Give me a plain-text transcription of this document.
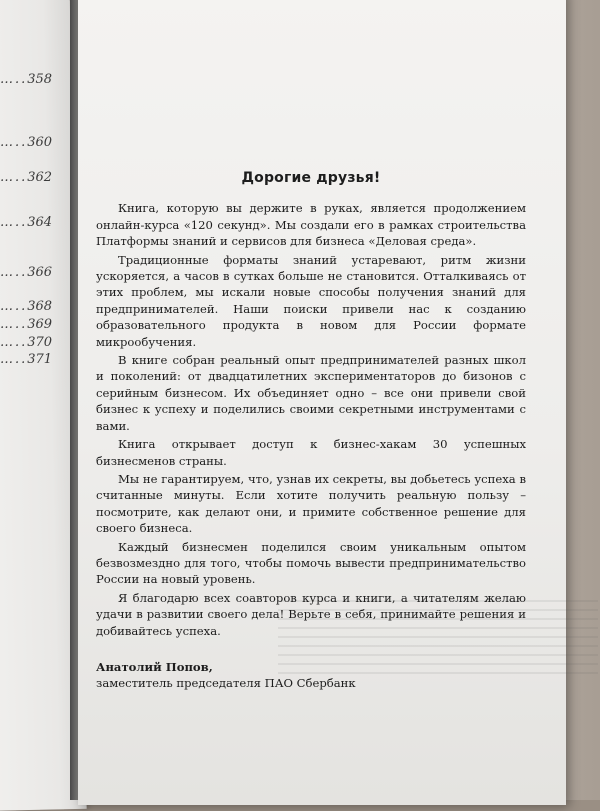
…..358
…..360
…..362
…..364
…..366
…..368
…..369
…..370
…..371
Дорогие друзья!

Книга, которую вы держите в руках, является продолжением онлайн-курса «120 секунд». Мы создали его в рамках строительства Платформы знаний и сервисов для бизнеса «Деловая среда».

Традиционные форматы знаний устаревают, ритм жизни ускоряется, а часов в сутках больше не становится. Отталкиваясь от этих проблем, мы искали новые способы получения знаний для предпринимателей. Наши поиски привели нас к созданию образовательного продукта в новом для России формате микрообучения.

В книге собран реальный опыт предпринимателей разных школ и поколений: от двадцатилетних экспериментаторов до бизонов с серийным бизнесом. Их объединяет одно – все они привели свой бизнес к успеху и поделились своими секретными инструментами с вами.

Книга открывает доступ к бизнес-хакам 30 успешных бизнесменов страны.

Мы не гарантируем, что, узнав их секреты, вы добьетесь успеха в считанные минуты. Если хотите получить реальную пользу – посмотрите, как делают они, и примите собственное решение для своего бизнеса.

Каждый бизнесмен поделился своим уникальным опытом безвозмездно для того, чтобы помочь вывести предпринимательство России на новый уровень.

Я благодарю всех соавторов курса и книги, а читателям желаю удачи в развитии своего дела! Верьте в себя, принимайте решения и добивайтесь успеха.

Анатолий Попов,

заместитель председателя ПАО Сбербанк
